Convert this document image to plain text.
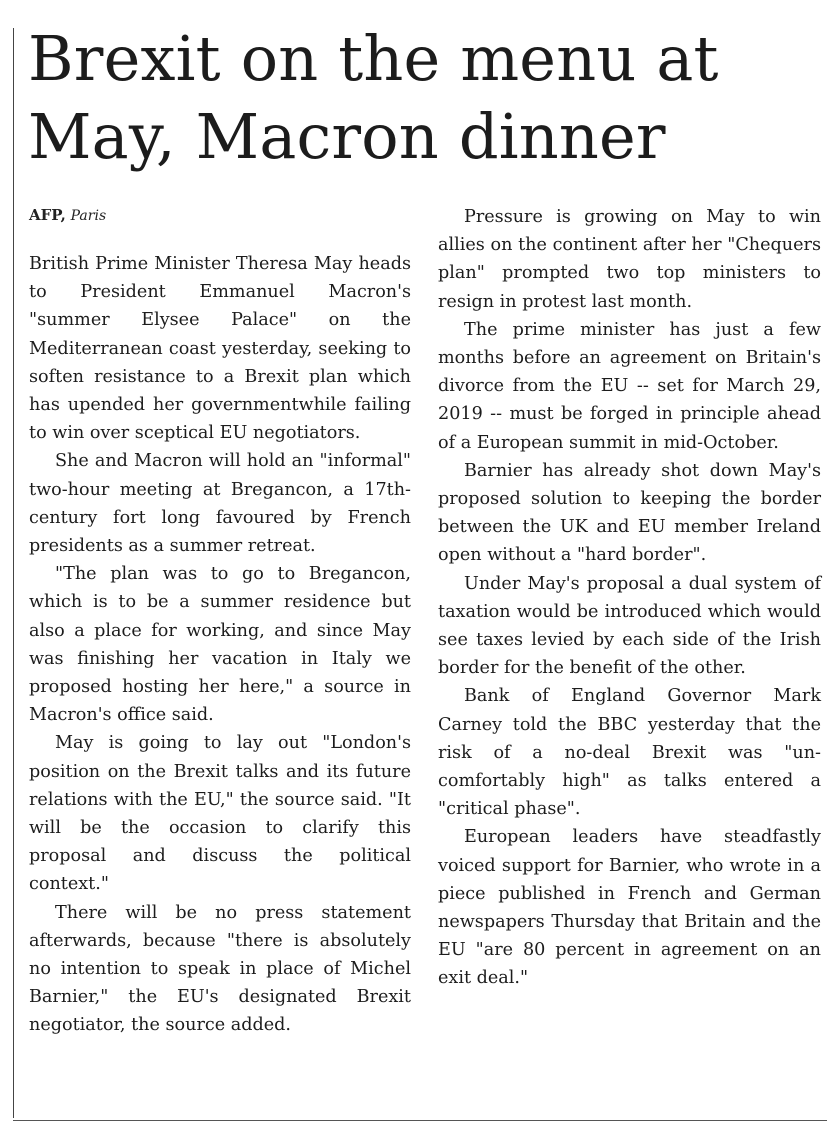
Brexit on the menu at May, Macron dinner
AFP, Paris

British Prime Minister Theresa May heads to President Emmanuel Macron's "summer Elysee Palace" on the Mediterranean coast yesterday, seeking to soften resistance to a Brexit plan which has upended her governmentwhile failing to win over sceptical EU negotiators.

She and Macron will hold an "informal" two-hour meeting at Bregancon, a 17th-century fort long favoured by French presidents as a summer retreat.

"The plan was to go to Bregancon, which is to be a summer residence but also a place for working, and since May was finishing her vacation in Italy we proposed hosting her here," a source in Macron's office said.

May is going to lay out "London's position on the Brexit talks and its future relations with the EU," the source said. "It will be the occasion to clarify this proposal and discuss the political context."

There will be no press statement afterwards, because "there is absolutely no intention to speak in place of Michel Barnier," the EU's designated Brexit negotiator, the source added.

Pressure is growing on May to win allies on the continent after her "Chequers plan" prompted two top ministers to resign in protest last month.

The prime minister has just a few months before an agreement on Britain's divorce from the EU -- set for March 29, 2019 -- must be forged in principle ahead of a European summit in mid-October.

Barnier has already shot down May's proposed solution to keeping the border between the UK and EU member Ireland open without a "hard border".

Under May's proposal a dual system of taxation would be introduced which would see taxes levied by each side of the Irish border for the benefit of the other.

Bank of England Governor Mark Carney told the BBC yesterday that the risk of a no-deal Brexit was "uncomfortably high" as talks entered a "critical phase".

European leaders have steadfastly voiced support for Barnier, who wrote in a piece published in French and German newspapers Thursday that Britain and the EU "are 80 percent in agreement on an exit deal."
